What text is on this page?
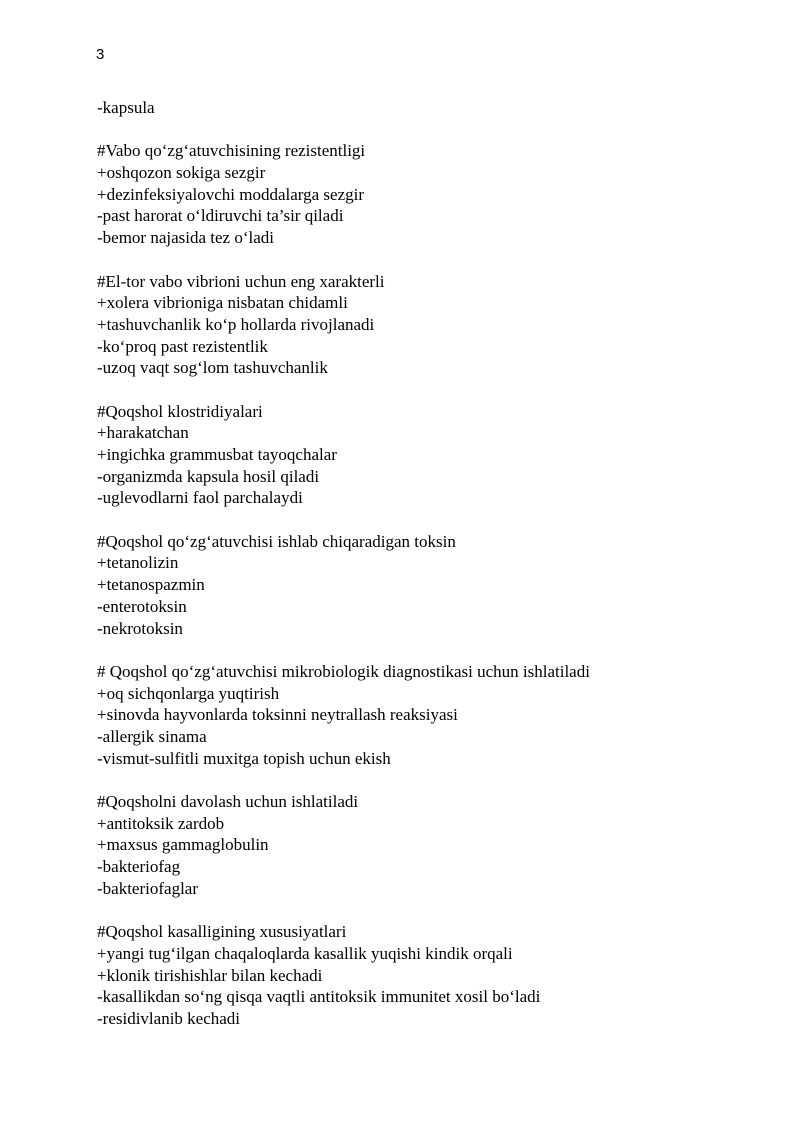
3
-kapsula
#Vabo qo‘zg‘atuvchisining rezistentligi
+oshqozon sokiga sezgir
+dezinfeksiyalovchi moddalarga sezgir
-past harorat o‘ldiruvchi ta’sir qiladi
-bemor najasida tez o‘ladi
#El-tor vabo vibrioni uchun eng xarakterli
+xolera vibrioniga nisbatan chidamli
+tashuvchanlik ko‘p hollarda rivojlanadi
-ko‘proq past rezistentlik
-uzoq vaqt sog‘lom tashuvchanlik
#Qoqshol klostridiyalari
+harakatchan
+ingichka grammusbat tayoqchalar
-organizmda kapsula hosil qiladi
-uglevodlarni faol parchalaydi
#Qoqshol qo‘zg‘atuvchisi ishlab chiqaradigan toksin
+tetanolizin
+tetanospazmin
-enterotoksin
-nekrotoksin
# Qoqshol qo‘zg‘atuvchisi mikrobiologik diagnostikasi uchun ishlatiladi
+oq sichqonlarga yuqtirish
+sinovda hayvonlarda toksinni neytrallash reaksiyasi
-allergik sinama
-vismut-sulfitli muxitga topish uchun ekish
#Qoqsholni davolash uchun ishlatiladi
+antitoksik zardob
+maxsus gammaglobulin
-bakteriofag
-bakteriofaglar
#Qoqshol kasalligining xususiyatlari
+yangi tug‘ilgan chaqaloqlarda kasallik yuqishi kindik orqali
+klonik tirishishlar bilan kechadi
-kasallikdan so‘ng qisqa vaqtli antitoksik immunitet xosil bo‘ladi
-residivlanib kechadi
